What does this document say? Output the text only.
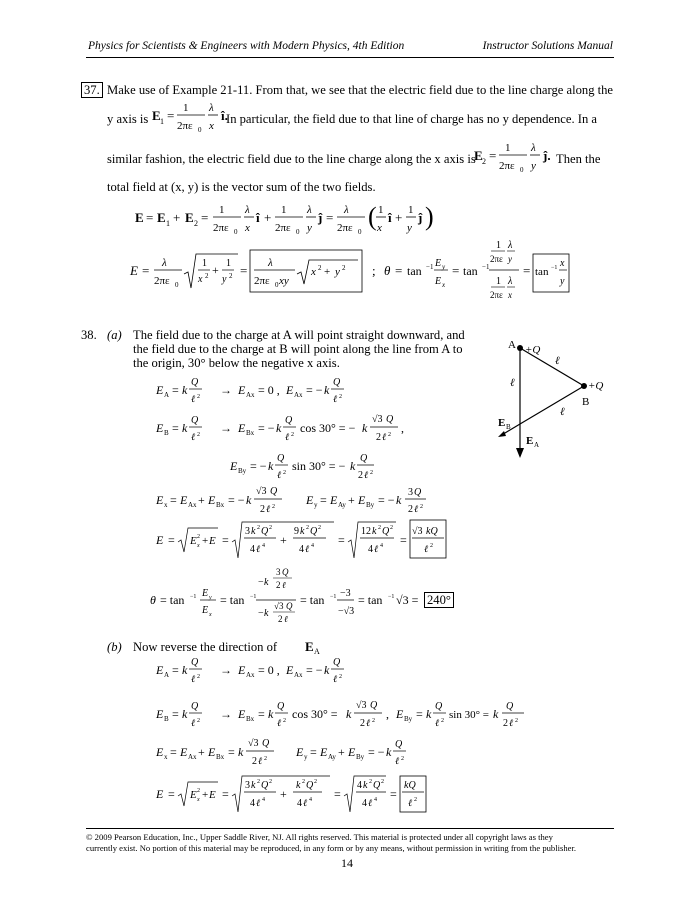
Physics for Scientists & Engineers with Modern Physics, 4th Edition	Instructor Solutions Manual
37. Make use of Example 21-11. From that, we see that the electric field due to the line charge along the
y axis is E 1 = 1
2πε 0
λ
x
î.
In particular, the field due to that line of charge has no y dependence. In a
similar fashion, the electric field due to the line charge along the x axis is
E 2 = 1
2πε 0
λ
y
ĵ. Then the
total field at (x, y) is the vector sum of the two fields.
E = E 1 + E 2 = 1
2πε 0
λ
x
î + 1
2πε 0
λ
y
ĵ = λ
2πε 0
( 1
x
î + 1
y
ĵ )
E = λ
2πε 0
1
x 2 + 1
y 2 = λ
2πε 0 xy
x 2 + y 2 ; θ = tan −1 E y
E x
= tan −1
1 λ
2πε y
1 λ
2πε x
= tan −1 x
y
38. (a) The field due to the charge at A will point straight downward, and
the field due to the charge at B will point along the line from A to
the origin, 30° below the negative x axis.
A +Q
+Q
B
ℓ
ℓ
ℓ
E B
E A
E A = k
Q
ℓ 2 → E Ax = 0 , E Ax = − k
Q
ℓ 2
E B = k
Q
ℓ 2 → E Bx = − k
Q
ℓ 2 cos 30° = − k
√3 Q
2 ℓ 2 ,
E By = − k
Q
ℓ 2 sin 30° = − k
Q
2 ℓ 2
E x = E Ax + E Bx = − k
√3 Q
2 ℓ 2	E y = E Ay + E By = − k
3 Q
2 ℓ 2
E = E 2
x + E =
3 k 2 Q 2
4 ℓ 4 +
9 k 2 Q 2
4 ℓ 4 =
12 k 2 Q 2
4 ℓ 4 =
√3 kQ
ℓ 2
θ = tan −1 E y
E x
= tan −1
− k
3 Q
2 ℓ
− k
√3 Q
2 ℓ
= tan −1 −3
−√3
= tan −1 √3 = 240°
(b) Now reverse the direction of E A
E A = k
Q
ℓ 2 → E Ax = 0 , E Ax = − k
Q
ℓ 2
E B = k
Q
ℓ 2 → E Bx = k
Q
ℓ 2 cos 30° = k
√3 Q
2 ℓ 2 , E By = k
Q
ℓ 2 sin 30° = k
E x = E Ax + E Bx = k
√3 Q
2 ℓ 2 E y = E Ay + E By = − k
Q
ℓ 2
E = E 2
x + E =
3 k 2 Q 2
4 ℓ 4 +
k 2 Q 2
4 ℓ 4 =
4 k 2 Q 2
4 ℓ 4 =
kQ
ℓ 2
Q
2 ℓ 2
© 2009 Pearson Education, Inc., Upper Saddle River, NJ. All rights reserved. This material is protected under all copyright laws as they
currently exist. No portion of this material may be reproduced, in any form or by any means, without permission in writing from the publisher.
14
